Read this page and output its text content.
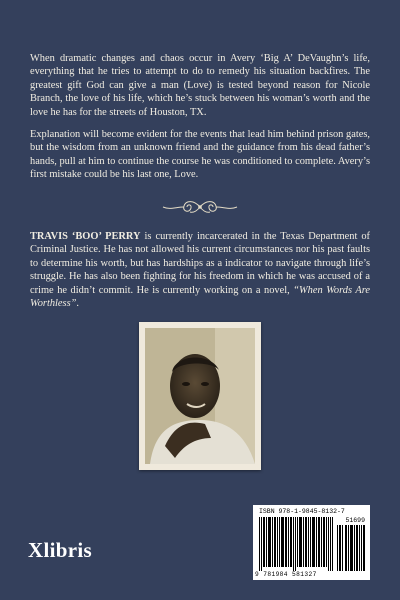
When dramatic changes and chaos occur in Avery ‘Big A’ DeVaughn’s life, everything that he tries to attempt to do to remedy his situation backfires. The greatest gift God can give a man (Love) is tested beyond reason for Nicole Branch, the love of his life, which he’s stuck between his woman’s worth and the love he has for the streets of Houston, TX.

Explanation will become evident for the events that lead him behind prison gates, but the wisdom from an unknown friend and the guidance from his dead father’s hands, pull at him to continue the course he was conditioned to complete. Avery’s first mistake could be his last one, Love.

TRAVIS ‘BOO’ PERRY is currently incarcerated in the Texas Department of Criminal Justice. He has not allowed his current circumstances nor his past faults to determine his worth, but has hardships as a indicator to navigate through life’s struggle. He has also been fighting for his freedom in which he was accused of a crime he didn’t commit. He is currently working on a novel, “When Words Are Worthless”.

Xlibris
ISBN 978-1-9845-8132-7
51699
9 781984 581327
